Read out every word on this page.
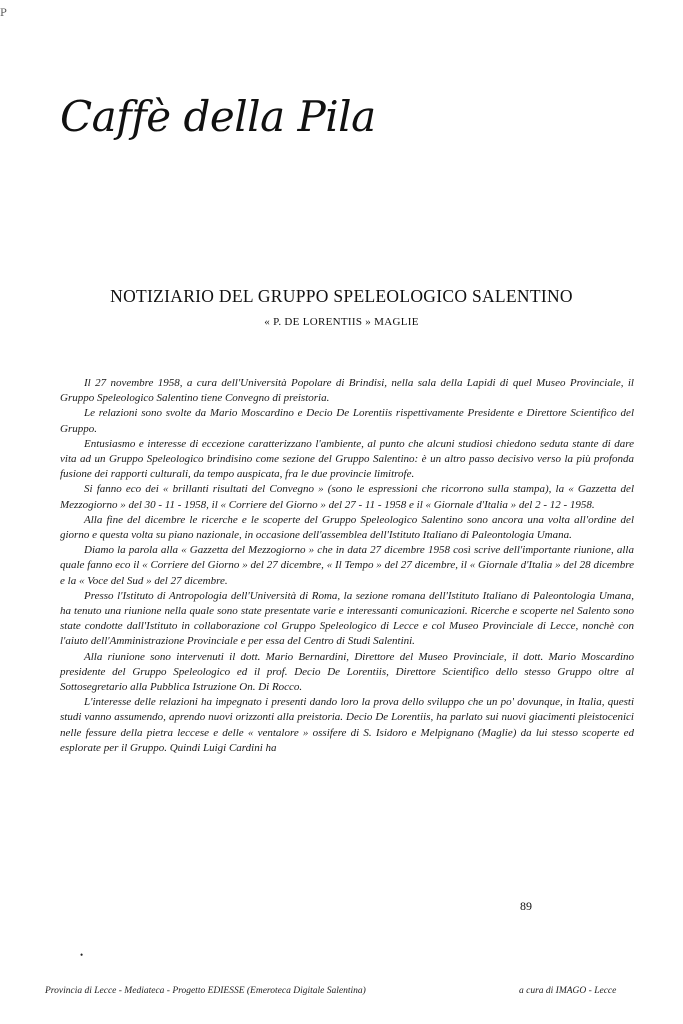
P
Caffè della Pila
NOTIZIARIO DEL GRUPPO SPELEOLOGICO SALENTINO
« P. DE LORENTIIS » MAGLIE

Il 27 novembre 1958, a cura dell'Università Popolare di Brindisi, nella sala della Lapidi di quel Museo Provinciale, il Gruppo Speleologico Salentino tiene Convegno di preistoria.

Le relazioni sono svolte da Mario Moscardino e Decio De Lorentiis rispettivamente Presidente e Direttore Scientifico del Gruppo.

Entusiasmo e interesse di eccezione caratterizzano l'ambiente, al punto che alcuni studiosi chiedono seduta stante di dare vita ad un Gruppo Speleologico brindisino come sezione del Gruppo Salentino: è un altro passo decisivo verso la più profonda fusione dei rapporti culturali, da tempo auspicata, fra le due provincie limitrofe.

Si fanno eco dei « brillanti risultati del Convegno » (sono le espressioni che ricorrono sulla stampa), la « Gazzetta del Mezzogiorno » del 30 - 11 - 1958, il « Corriere del Giorno » del 27 - 11 - 1958 e il « Giornale d'Italia » del 2 - 12 - 1958.

Alla fine del dicembre le ricerche e le scoperte del Gruppo Speleologico Salentino sono ancora una volta all'ordine del giorno e questa volta su piano nazionale, in occasione dell'assemblea dell'Istituto Italiano di Paleontologia Umana.

Diamo la parola alla « Gazzetta del Mezzogiorno » che in data 27 dicembre 1958 così scrive dell'importante riunione, alla quale fanno eco il « Corriere del Giorno » del 27 dicembre, « Il Tempo » del 27 dicembre, il « Giornale d'Italia » del 28 dicembre e la « Voce del Sud » del 27 dicembre.

Presso l'Istituto di Antropologia dell'Università di Roma, la sezione romana dell'Istituto Italiano di Paleontologia Umana, ha tenuto una riunione nella quale sono state presentate varie e interessanti comunicazioni. Ricerche e scoperte nel Salento sono state condotte dall'Istituto in collaborazione col Gruppo Speleologico di Lecce e col Museo Provinciale di Lecce, nonchè con l'aiuto dell'Amministrazione Provinciale e per essa del Centro di Studi Salentini.

Alla riunione sono intervenuti il dott. Mario Bernardini, Direttore del Museo Provinciale, il dott. Mario Moscardino presidente del Gruppo Speleologico ed il prof. Decio De Lorentiis, Direttore Scientifico dello stesso Gruppo oltre al Sottosegretario alla Pubblica Istruzione On. Di Rocco.

L'interesse delle relazioni ha impegnato i presenti dando loro la prova dello sviluppo che un po' dovunque, in Italia, questi studi vanno assumendo, aprendo nuovi orizzonti alla preistoria. Decio De Lorentiis, ha parlato sui nuovi giacimenti pleistocenici nelle fessure della pietra leccese e delle « ventalore » ossifere di S. Isidoro e Melpignano (Maglie) da lui stesso scoperte ed esplorate per il Gruppo. Quindi Luigi Cardini ha

89
•
Provincia di Lecce - Mediateca - Progetto EDIESSE (Emeroteca Digitale Salentina)	a cura di IMAGO - Lecce
